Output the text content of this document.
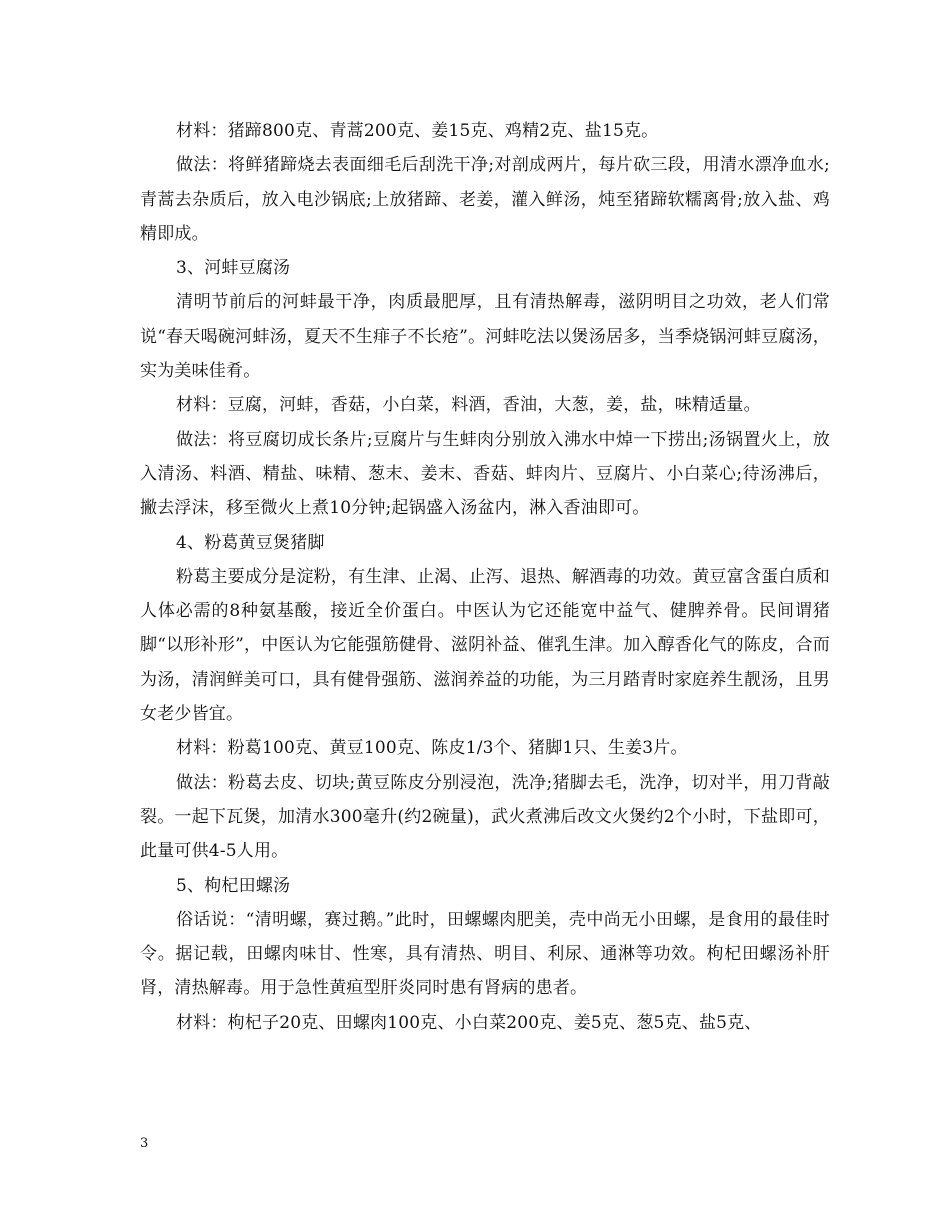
材料：猪蹄800克、青蒿200克、姜15克、鸡精2克、盐15克。

做法：将鲜猪蹄烧去表面细毛后刮洗干净;对剖成两片，每片砍三段，用清水漂净血水;青蒿去杂质后，放入电沙锅底;上放猪蹄、老姜，灌入鲜汤，炖至猪蹄软糯离骨;放入盐、鸡精即成。

3、河蚌豆腐汤

清明节前后的河蚌最干净，肉质最肥厚，且有清热解毒，滋阴明目之功效，老人们常说“春天喝碗河蚌汤，夏天不生痱子不长疮”。河蚌吃法以煲汤居多，当季烧锅河蚌豆腐汤，实为美味佳肴。

材料：豆腐，河蚌，香菇，小白菜，料酒，香油，大葱，姜，盐，味精适量。

做法：将豆腐切成长条片;豆腐片与生蚌肉分别放入沸水中焯一下捞出;汤锅置火上，放入清汤、料酒、精盐、味精、葱末、姜末、香菇、蚌肉片、豆腐片、小白菜心;待汤沸后，撇去浮沫，移至微火上煮10分钟;起锅盛入汤盆内，淋入香油即可。

4、粉葛黄豆煲猪脚

粉葛主要成分是淀粉，有生津、止渴、止泻、退热、解酒毒的功效。黄豆富含蛋白质和人体必需的8种氨基酸，接近全价蛋白。中医认为它还能宽中益气、健脾养骨。民间谓猪脚“以形补形”，中医认为它能强筋健骨、滋阴补益、催乳生津。加入醇香化气的陈皮，合而为汤，清润鲜美可口，具有健骨强筋、滋润养益的功能，为三月踏青时家庭养生靓汤，且男女老少皆宜。

材料：粉葛100克、黄豆100克、陈皮1/3个、猪脚1只、生姜3片。

做法：粉葛去皮、切块;黄豆陈皮分别浸泡，洗净;猪脚去毛，洗净，切对半，用刀背敲裂。一起下瓦煲，加清水300毫升(约2碗量)，武火煮沸后改文火煲约2个小时，下盐即可，此量可供4-5人用。

5、枸杞田螺汤

俗话说：“清明螺，赛过鹅。”此时，田螺螺肉肥美，壳中尚无小田螺，是食用的最佳时令。据记载，田螺肉味甘、性寒，具有清热、明目、利尿、通淋等功效。枸杞田螺汤补肝肾，清热解毒。用于急性黄疸型肝炎同时患有肾病的患者。

材料：枸杞子20克、田螺肉100克、小白菜200克、姜5克、葱5克、盐5克、

3
